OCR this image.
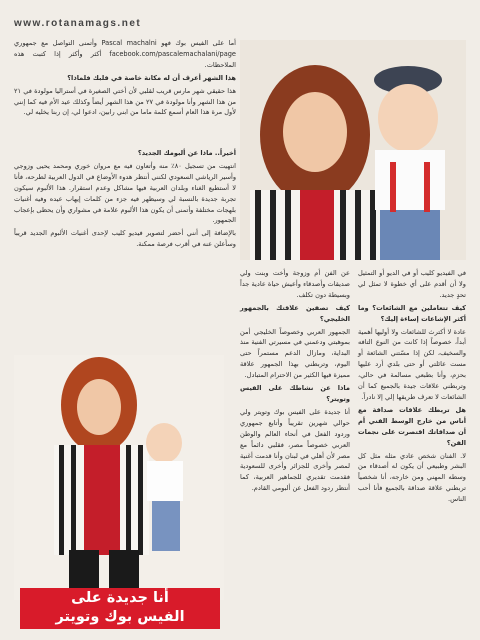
www.rotanamags.net

أما على الفيس بوك فهو Pascal machalni وأتمنى التواصل مع جمهوري facebook.com/pascalemachalani/page أكثر وأكثر إذا كتبت هذه الملاحظات.

هذا الشهر أعرف أن له مكانة خاصة في قلبك فلماذا؟

هذا حقيقي شهر مارس قريب لقلبي لأن أختي الصغيرة في أستراليا مولودة في ٢١ من هذا الشهر وأنا مولودة في ٢٧ من هذا الشهر أيضاً وكذلك عيد الأم فيه كما إنني لأول مرة هذا العام أسمع كلمة ماما من ابني رابين، ادعوا لي، إن ربنا يخليه لي.

أخيراً.. ماذا عن ألبومك الجديد؟

انتهيت من تسجيل ٨٠٪ منه وأتعاون فيه مع مروان خوري ومحمد يحيى وزوجي وأسير الرياشي السعودي لكنني أنتظر هدوء الأوضاع في الدول العربية لطرحه، فأنا لا أستطيع الغناء وبلدان العربية فيها مشاكل وعدم استقرار. هذا الألبوم سيكون تجربة جديدة بالنسبة لي وسيظهر فيه جزء من كلمات إيهاب عيده وفيه أغنيات بلهجات مختلفة وأتمنى أن يكون هذا الألبوم علامة في مشواري وأن يحظى بإعجاب الجمهور.

بالإضافة إلى أنني أحضر لتصوير فيديو كليب لإحدى أغنيات الألبوم الجديد قريباً وسأعلن عنه في أقرب فرصة ممكنة.

عن الفن أم وزوجة وأخت وبنت ولي صديقات وأصدقاء وأعيش حياة عادية جداً وبسيطة دون تكلف.

كيف تصفين علاقتك بالجمهور الخليجي؟

الجمهور العربي وخصوصاً الخليجي أمن بموهبتي ودعمني في مسيرتي الفنية منذ البداية، ومازال الدعم مستمراً حتى اليوم، وتربطني بهذا الجمهور علاقة مميزة فيها الكثير من الاحترام المتبادل.

ماذا عن نشاطك على الفيس وتويتر؟

أنا جديدة على الفيس بوك وتويتر ولي حوالي شهرين تقريباً وأتابع جمهوري وردود الفعل في أنحاء العالم والوطن العربي خصوصاً مصر، فقلبي دائماً مع مصر لأن أهلي في لبنان وأنا قدمت أغنية لمصر وأخرى للجزائر وأخرى للسعودية فقدمت تقديري للجماهير العربية، كما أنتظر ردود الفعل عن ألبومي القادم.

في الفيديو كليب أو في الديو أو التمثيل ولا أن أقدم على أي خطوة لا تمثل لي تحدٍ جديد.

كيف تتعاملين مع الشائعات؟ وما أكثر الإشاعات إساءة إليك؟

عادة لا أكترث للشائعات ولا أوليها أهمية أبداً، خصوصاً إذا كانت من النوع التافه والسخيف، لكن إذا مسّتني الشائعة أو مست عائلتي أو حتى بلدي أرد عليها بحزم، وأنا بطبعي مسالمة في حالي، وتربطني علاقات جيدة بالجميع كما أن الشائعات لا تعرف طريقها إلي إلا نادراً.

هل تربطك علاقات صداقة مع أناس من خارج الوسط الفني أم أن صداقاتك اقتصرت على نجمات الفن؟

لا. الفنان شخص عادي مثله مثل كل البشر وطبيعي أن يكون له أصدقاء من وسطه المهني ومن خارجه، أنا شخصياً تربطني علاقة صداقة بالجميع فأنا أحب الناس.

أنا جديدة على
الفيس بوك وتويتر
